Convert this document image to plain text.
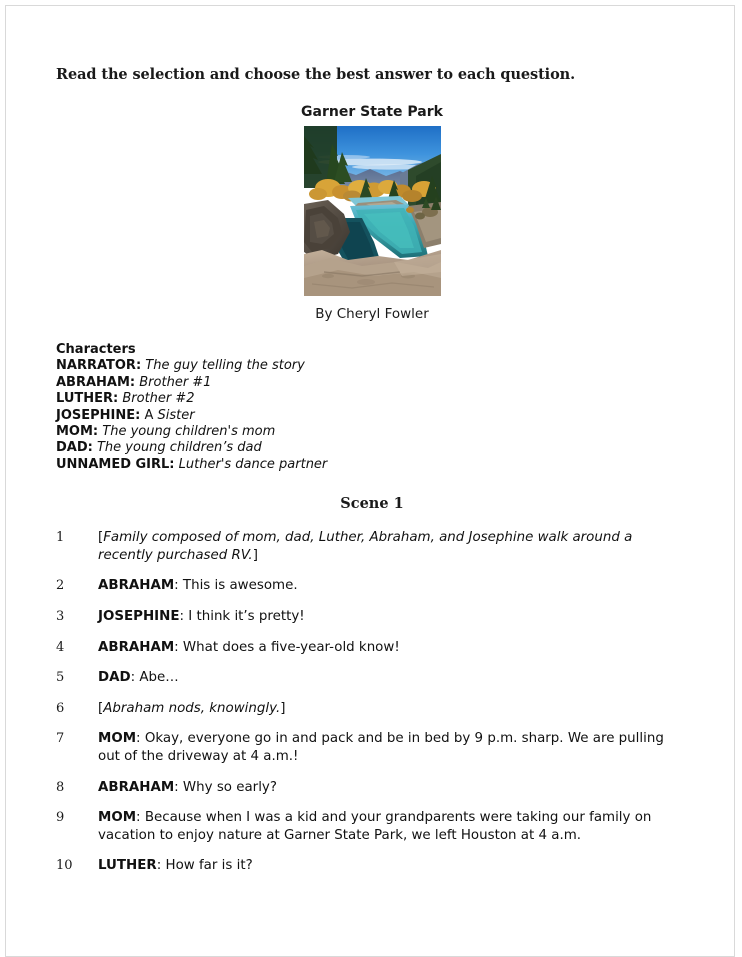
Read the selection and choose the best answer to each question.

Garner State Park

By Cheryl Fowler

Characters
NARRATOR: The guy telling the story
ABRAHAM: Brother #1
LUTHER: Brother #2
JOSEPHINE: A Sister
MOM: The young children's mom
DAD: The young children’s dad
UNNAMED GIRL: Luther's dance partner

Scene 1

1	[Family composed of mom, dad, Luther, Abraham, and Josephine walk around a recently purchased RV.]
2	ABRAHAM: This is awesome.
3	JOSEPHINE: I think it’s pretty!
4	ABRAHAM: What does a five-year-old know!
5	DAD: Abe…
6	[Abraham nods, knowingly.]
7	MOM: Okay, everyone go in and pack and be in bed by 9 p.m. sharp. We are pulling out of the driveway at 4 a.m.!
8	ABRAHAM: Why so early?
9	MOM: Because when I was a kid and your grandparents were taking our family on vacation to enjoy nature at Garner State Park, we left Houston at 4 a.m.
10	LUTHER: How far is it?
